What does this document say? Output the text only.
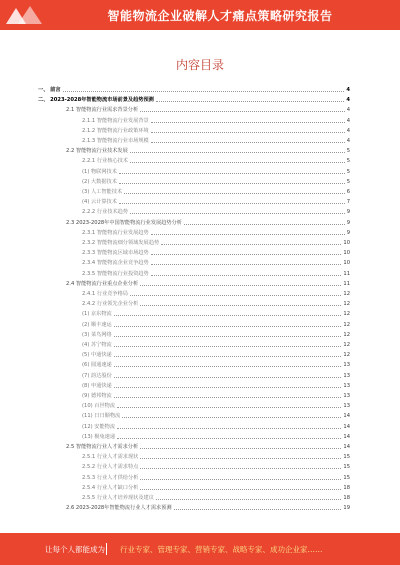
智能物流企业破解人才痛点策略研究报告
内容目录
一、 前言	4
二、 2023-2028年智能物流市场前景及趋势预测	4
2.1 智能物流行业需求背景分析	4
2.1.1 智能物流行业发展背景	4
2.1.2 智能物流行业政策环境	4
2.1.3 智能物流行业市场规模	4
2.2 智能物流行业技术发展	5
2.2.1 行业核心技术	5
(1) 物联网技术	5
(2) 大数据技术	5
(3) 人工智能技术	6
(4) 云计算技术	7
2.2.2 行业技术趋势	9
2.3 2023-2028年中国智能物流行业发展趋势分析	9
2.3.1 智能物流行业发展趋势	9
2.3.2 智能物流细分领域发展趋势	10
2.3.3 智能物流区域市场趋势	10
2.3.4 智能物流企业竞争趋势	10
2.3.5 智能物流行业投资趋势	11
2.4 智能物流行业重点企业分析	11
2.4.1 行业竞争格局	12
2.4.2 行业领先企业分析	12
(1) 京东物流	12
(2) 顺丰速运	12
(3) 菜鸟网络	12
(4) 苏宁物流	12
(5) 中通快递	12
(6) 圆通速递	13
(7) 韵达股份	13
(8) 申通快递	13
(9) 德邦物流	13
(10) 百世物流	13
(11) 日日顺物流	14
(12) 安能物流	14
(13) 极兔速递	14
2.5 智能物流行业人才需求分析	14
2.5.1 行业人才需求现状	15
2.5.2 行业人才需求特点	15
2.5.3 行业人才供给分析	15
2.5.4 行业人才缺口分析	18
2.5.5 行业人才培养现状及建议	18
2.6 2023-2028年智能物流行业人才需求预测	19
让每个人都能成为 行业专家、管理专家、营销专家、战略专家、成功企业家……
